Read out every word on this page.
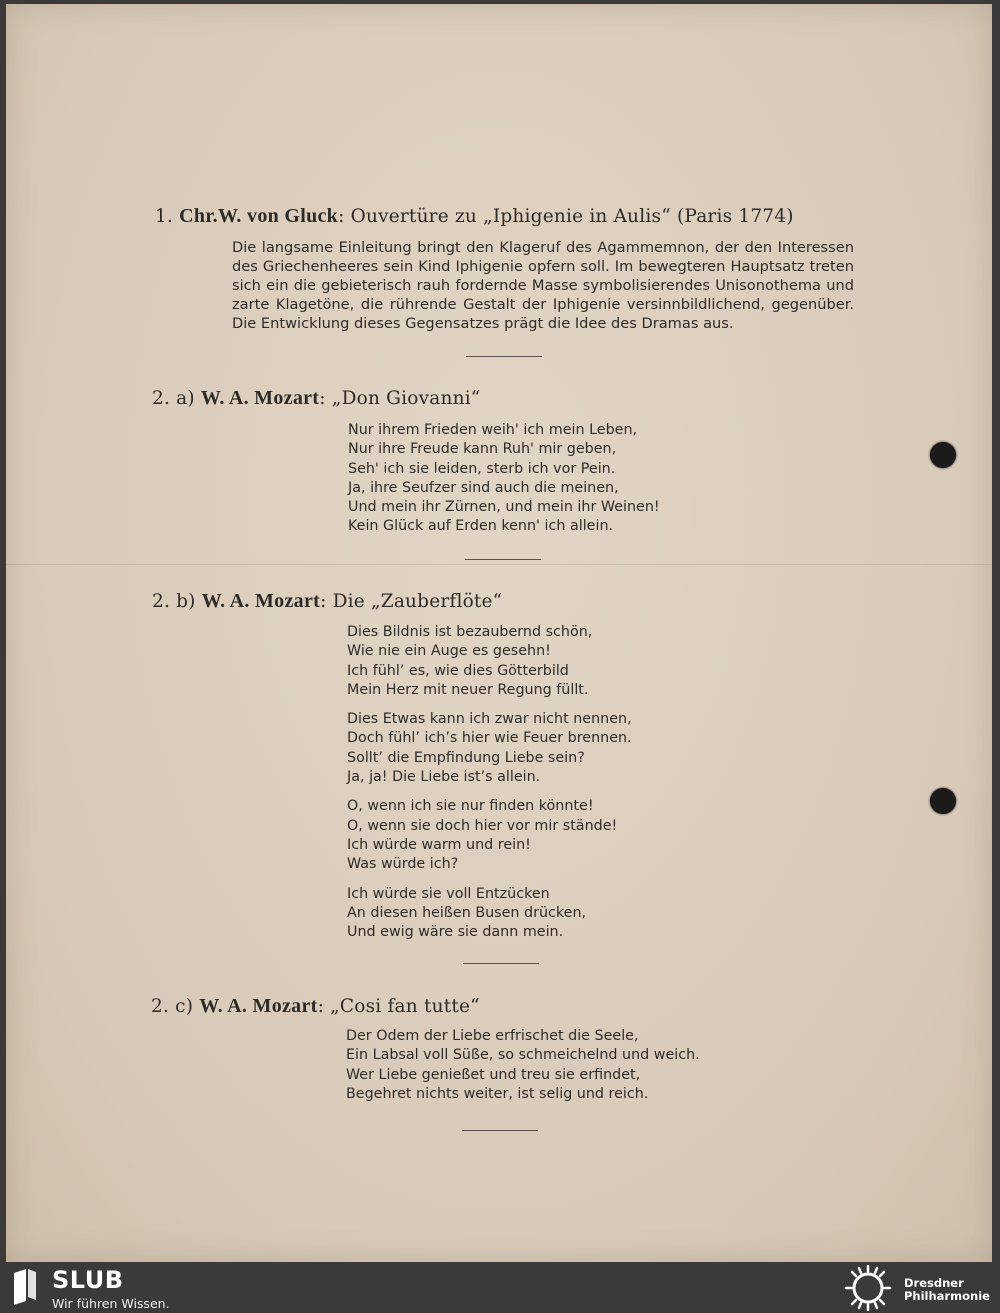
1. Chr.W. von Gluck: Ouvertüre zu „Iphigenie in Aulis“ (Paris 1774)
Die langsame Einleitung bringt den Klageruf des Agammemnon, der den Interessen des Griechenheeres sein Kind Iphigenie opfern soll. Im bewegteren Hauptsatz treten sich ein die gebieterisch rauh fordernde Masse symbolisierendes Unisonothema und zarte Klagetöne, die rührende Gestalt der Iphigenie versinnbildlichend, gegenüber. Die Entwicklung dieses Gegensatzes prägt die Idee des Dramas aus.
2. a) W. A. Mozart: „Don Giovanni“
Nur ihrem Frieden weih' ich mein Leben,
Nur ihre Freude kann Ruh' mir geben,
Seh' ich sie leiden, sterb ich vor Pein.
Ja, ihre Seufzer sind auch die meinen,
Und mein ihr Zürnen, und mein ihr Weinen!
Kein Glück auf Erden kenn' ich allein.
2. b) W. A. Mozart: Die „Zauberflöte“
Dies Bildnis ist bezaubernd schön,
Wie nie ein Auge es gesehn!
Ich fühl’ es, wie dies Götterbild
Mein Herz mit neuer Regung füllt.
Dies Etwas kann ich zwar nicht nennen,
Doch fühl’ ich’s hier wie Feuer brennen.
Sollt’ die Empfindung Liebe sein?
Ja, ja! Die Liebe ist’s allein.
O, wenn ich sie nur finden könnte!
O, wenn sie doch hier vor mir stände!
Ich würde warm und rein!
Was würde ich?
Ich würde sie voll Entzücken
An diesen heißen Busen drücken,
Und ewig wäre sie dann mein.
2. c) W. A. Mozart: „Cosi fan tutte“
Der Odem der Liebe erfrischet die Seele,
Ein Labsal voll Süße, so schmeichelnd und weich.
Wer Liebe genießet und treu sie erfindet,
Begehret nichts weiter, ist selig und reich.
SLUB
Wir führen Wissen.
Dresdner
Philharmonie
